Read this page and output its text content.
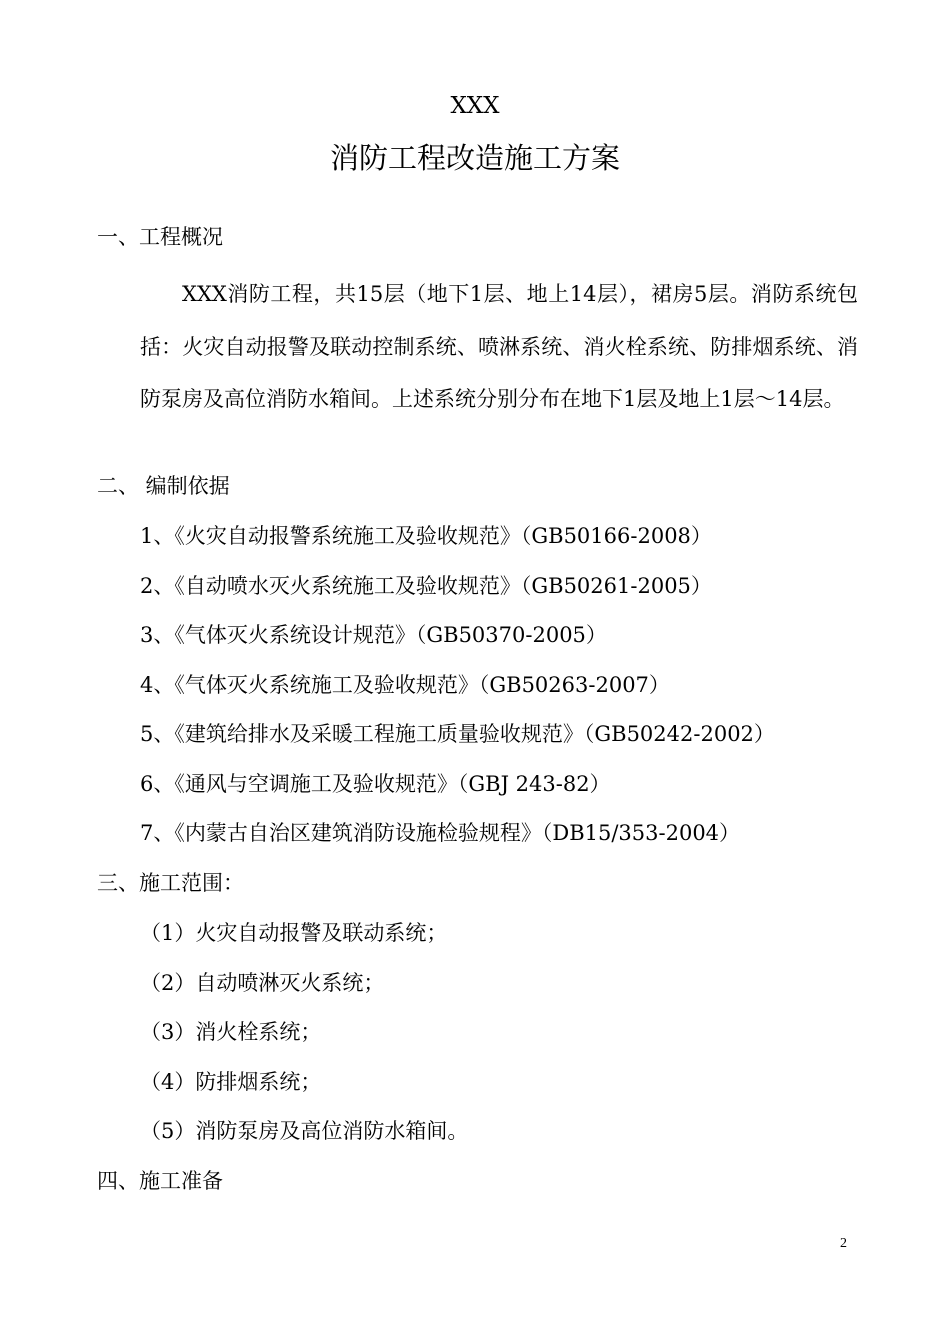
XXX
消防工程改造施工方案
一、工程概况
XXX消防工程，共15层（地下1层、地上14层），裙房5层。消防系统包括：火灾自动报警及联动控制系统、喷淋系统、消火栓系统、防排烟系统、消防泵房及高位消防水箱间。上述系统分别分布在地下1层及地上1层～14层。
二、 编制依据
1、《火灾自动报警系统施工及验收规范》（GB50166-2008）
2、《自动喷水灭火系统施工及验收规范》（GB50261-2005）
3、《气体灭火系统设计规范》（GB50370-2005）
4、《气体灭火系统施工及验收规范》（GB50263-2007）
5、《建筑给排水及采暖工程施工质量验收规范》（GB50242-2002）
6、《通风与空调施工及验收规范》（GBJ 243-82）
7、《内蒙古自治区建筑消防设施检验规程》（DB15/353-2004）
三、施工范围：
（1）火灾自动报警及联动系统；
（2）自动喷淋灭火系统；
（3）消火栓系统；
（4）防排烟系统；
（5）消防泵房及高位消防水箱间。
四、施工准备
2
